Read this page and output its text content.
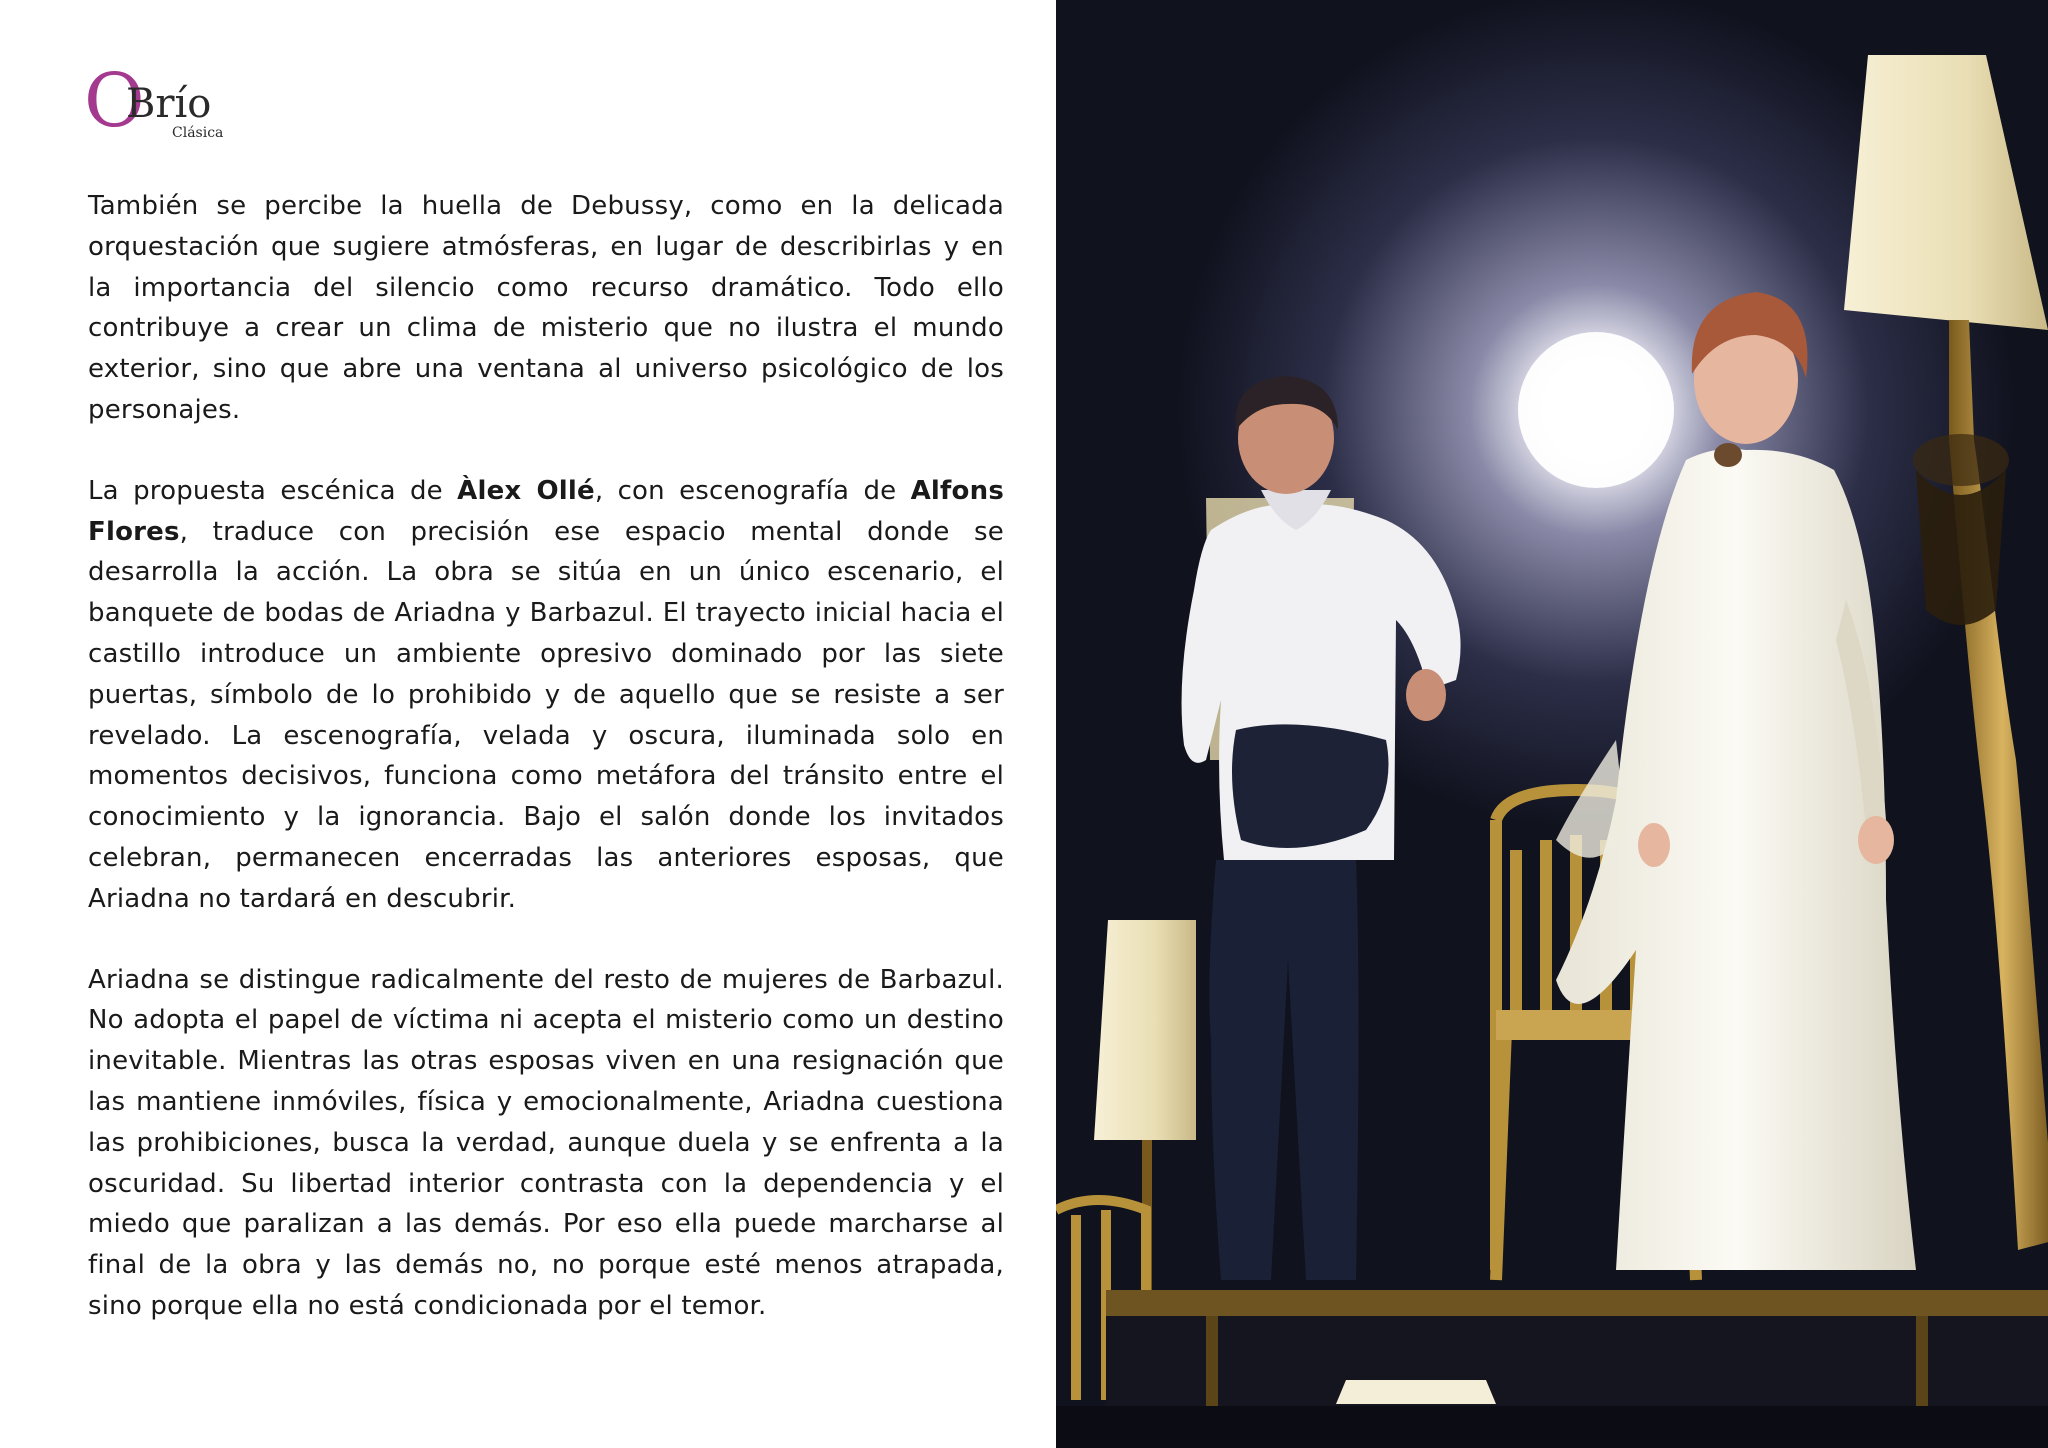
O
Brío
Clásica

También se percibe la huella de Debussy, como en la delicada orquestación que sugiere atmósferas, en lugar de describirlas y en la importancia del silencio como recurso dramático. Todo ello contribuye a crear un clima de misterio que no ilustra el mundo exterior, sino que abre una ventana al universo psicológico de los personajes.

La propuesta escénica de Àlex Ollé, con escenografía de Alfons Flores, traduce con precisión ese espacio mental donde se desarrolla la acción. La obra se sitúa en un único escenario, el banquete de bodas de Ariadna y Barbazul. El trayecto inicial hacia el castillo introduce un ambiente opresivo dominado por las siete puertas, símbolo de lo prohibido y de aquello que se resiste a ser revelado. La escenografía, velada y oscura, iluminada solo en momentos decisivos, funciona como metáfora del tránsito entre el conocimiento y la ignorancia. Bajo el salón donde los invitados celebran, permanecen encerradas las anteriores esposas, que Ariadna no tardará en descubrir.

Ariadna se distingue radicalmente del resto de mujeres de Barbazul. No adopta el papel de víctima ni acepta el misterio como un destino inevitable. Mientras las otras esposas viven en una resignación que las mantiene inmóviles, física y emocionalmente, Ariadna cuestiona las prohibiciones, busca la verdad, aunque duela y se enfrenta a la oscuridad. Su libertad interior contrasta con la dependencia y el miedo que paralizan a las demás. Por eso ella puede marcharse al final de la obra y las demás no, no porque esté menos atrapada, sino porque ella no está condicionada por el temor.
